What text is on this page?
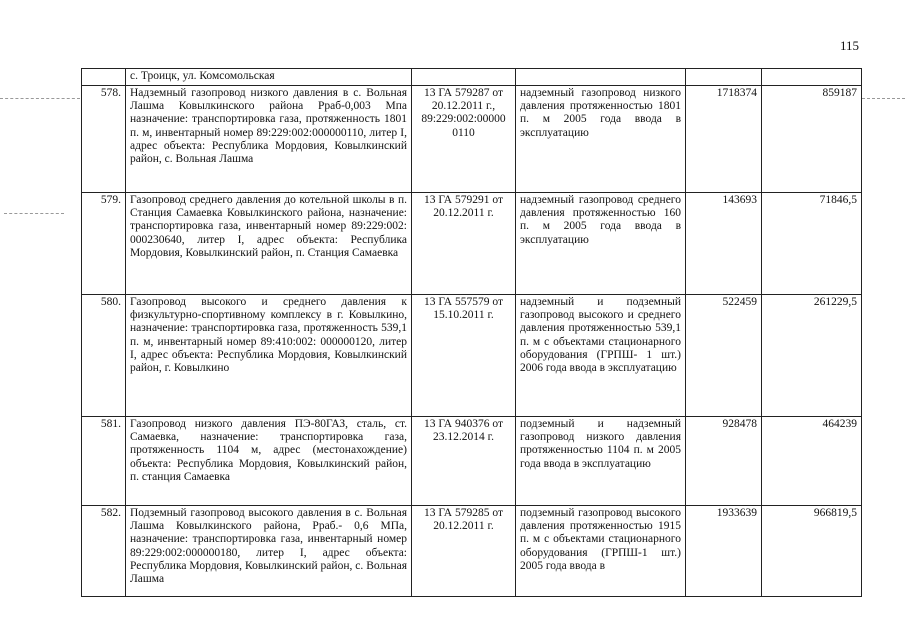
115

	с. Троицк, ул. Комсомольская				

578.	Надземный газопровод низкого давления в с. Вольная Лашма Ковылкинского района Рраб-0,003 Мпа назначение: транспортировка газа, протяженность 1801 п. м, инвентарный номер 89:229:002:000000110, литер I, адрес объекта: Республика Мордовия, Ковылкинский район, с. Вольная Лашма	13 ГА 579287 от 20.12.2011 г., 89:229:002:00000 0110	надземный газопровод низкого давления протяженностью 1801 п. м 2005 года ввода в эксплуатацию	1718374	859187
579.	Газопровод среднего давления до котельной школы в п. Станция Самаевка Ковылкинского района, назначение: транспортировка газа, инвентарный номер 89:229:002: 000230640, литер I, адрес объекта: Республика Мордовия, Ковылкинский район, п. Станция Самаевка	13 ГА 579291 от 20.12.2011 г.	надземный газопровод среднего давления протяженностью 160 п. м 2005 года ввода в эксплуатацию	143693	71846,5
580.	Газопровод высокого и среднего давления к физкультурно-спортивному комплексу в г. Ковылкино, назначение: транспортировка газа, протяженность 539,1 п. м, инвентарный номер 89:410:002: 000000120, литер I, адрес объекта: Республика Мордовия, Ковылкинский район, г. Ковылкино	13 ГА 557579 от 15.10.2011 г.	надземный и подземный газопровод высокого и среднего давления протяженностью 539,1 п. м с объектами стационарного оборудования (ГРПШ- 1 шт.) 2006 года ввода в эксплуатацию	522459	261229,5
581.	Газопровод низкого давления ПЭ-80ГАЗ, сталь, ст. Самаевка, назначение: транспортировка газа, протяженность 1104 м, адрес (местонахождение) объекта: Республика Мордовия, Ковылкинский район, п. станция Самаевка	13 ГА 940376 от 23.12.2014 г.	подземный и надземный газопровод низкого давления протяженностью 1104 п. м 2005 года ввода в эксплуатацию	928478	464239
582.	Подземный газопровод высокого давления в с. Вольная Лашма Ковылкинского района, Рраб.- 0,6 МПа, назначение: транспортировка газа, инвентарный номер 89:229:002:000000180, литер I, адрес объекта: Республика Мордовия, Ковылкинский район, с. Вольная Лашма	13 ГА 579285 от 20.12.2011 г.	подземный газопровод высокого давления протяженностью 1915 п. м с объектами стационарного оборудования (ГРПШ-1 шт.) 2005 года ввода в	1933639	966819,5
